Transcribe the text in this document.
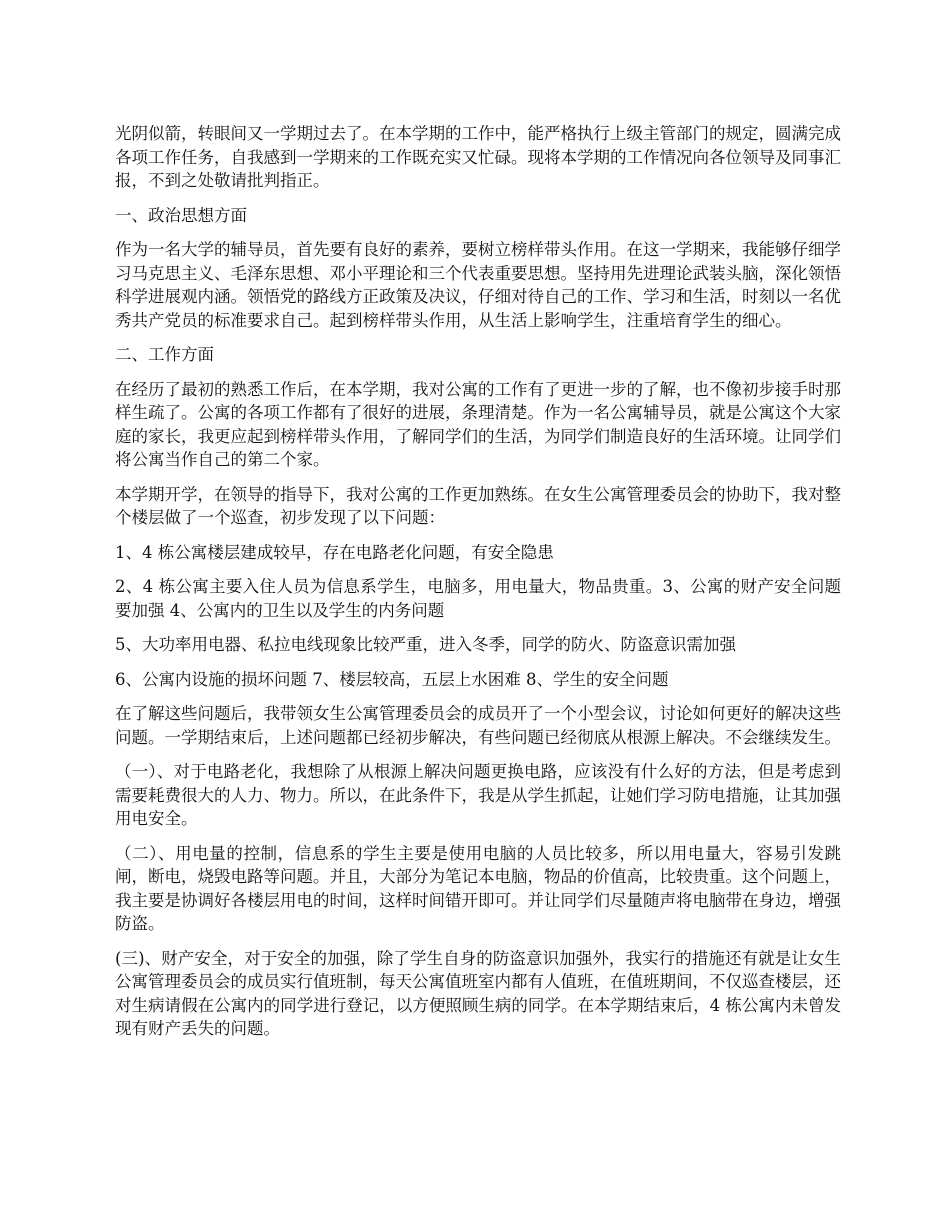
光阴似箭，转眼间又一学期过去了。在本学期的工作中，能严格执行上级主管部门的规定，圆满完成各项工作任务，自我感到一学期来的工作既充实又忙碌。现将本学期的工作情况向各位领导及同事汇报，不到之处敬请批判指正。

一、政治思想方面

作为一名大学的辅导员，首先要有良好的素养，要树立榜样带头作用。在这一学期来，我能够仔细学习马克思主义、毛泽东思想、邓小平理论和三个代表重要思想。坚持用先进理论武装头脑，深化领悟科学进展观内涵。领悟党的路线方正政策及决议，仔细对待自己的工作、学习和生活，时刻以一名优秀共产党员的标准要求自己。起到榜样带头作用，从生活上影响学生，注重培育学生的细心。

二、工作方面

在经历了最初的熟悉工作后，在本学期，我对公寓的工作有了更进一步的了解，也不像初步接手时那样生疏了。公寓的各项工作都有了很好的进展，条理清楚。作为一名公寓辅导员，就是公寓这个大家庭的家长，我更应起到榜样带头作用，了解同学们的生活，为同学们制造良好的生活环境。让同学们将公寓当作自己的第二个家。

本学期开学，在领导的指导下，我对公寓的工作更加熟练。在女生公寓管理委员会的协助下，我对整个楼层做了一个巡查，初步发现了以下问题：

1、4 栋公寓楼层建成较早，存在电路老化问题，有安全隐患

2、4 栋公寓主要入住人员为信息系学生，电脑多，用电量大，物品贵重。3、公寓的财产安全问题要加强 4、公寓内的卫生以及学生的内务问题

5、大功率用电器、私拉电线现象比较严重，进入冬季，同学的防火、防盗意识需加强

6、公寓内设施的损坏问题 7、楼层较高，五层上水困难 8、学生的安全问题

在了解这些问题后，我带领女生公寓管理委员会的成员开了一个小型会议，讨论如何更好的解决这些问题。一学期结束后，上述问题都已经初步解决，有些问题已经彻底从根源上解决。不会继续发生。

（一）、对于电路老化，我想除了从根源上解决问题更换电路，应该没有什么好的方法，但是考虑到需要耗费很大的人力、物力。所以，在此条件下，我是从学生抓起，让她们学习防电措施，让其加强用电安全。

（二）、用电量的控制，信息系的学生主要是使用电脑的人员比较多，所以用电量大，容易引发跳闸，断电，烧毁电路等问题。并且，大部分为笔记本电脑，物品的价值高，比较贵重。这个问题上，我主要是协调好各楼层用电的时间，这样时间错开即可。并让同学们尽量随声将电脑带在身边，增强防盗。

(三)、财产安全，对于安全的加强，除了学生自身的防盗意识加强外，我实行的措施还有就是让女生公寓管理委员会的成员实行值班制，每天公寓值班室内都有人值班，在值班期间，不仅巡查楼层，还对生病请假在公寓内的同学进行登记，以方便照顾生病的同学。在本学期结束后，4 栋公寓内未曾发现有财产丢失的问题。
